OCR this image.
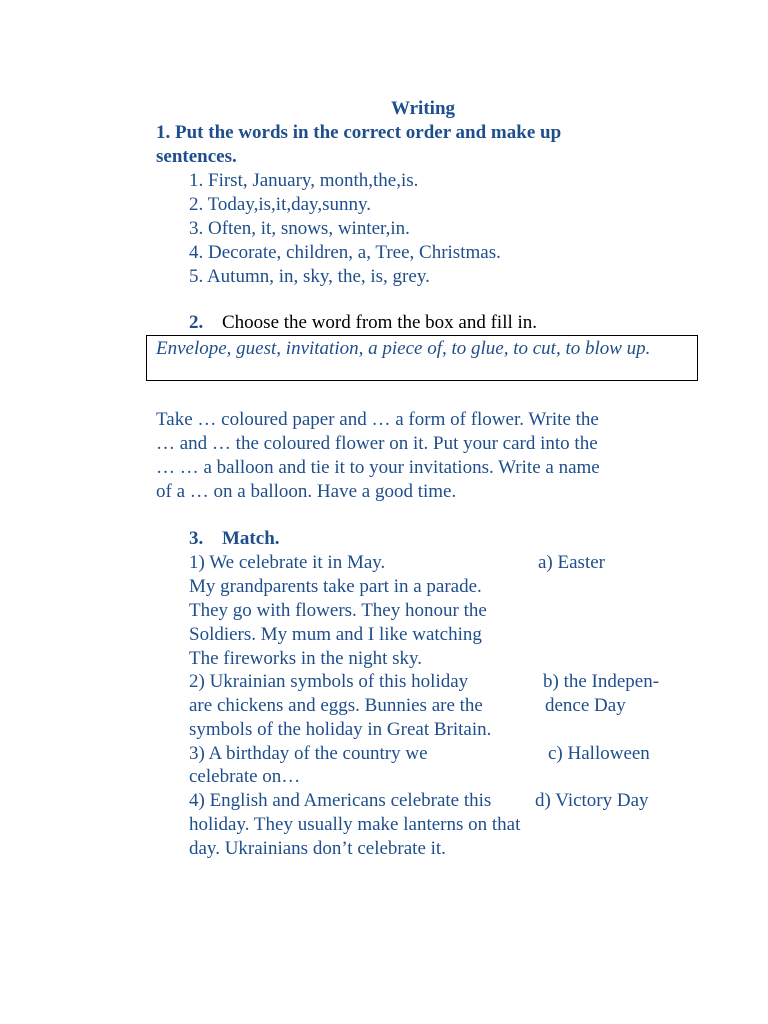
Writing
1. Put the words in the correct order and make up
sentences.
1. First, January, month,the,is.
2. Today,is,it,day,sunny.
3. Often, it, snows, winter,in.
4. Decorate, children, a, Tree, Christmas.
5. Autumn, in, sky, the, is, grey.
2. Choose the word from the box and fill in.
Envelope, guest, invitation, a piece of, to glue, to cut, to blow up.
Take … coloured paper and … a form of flower. Write the
… and … the coloured flower on it. Put your card into the
… … a balloon and tie it to your invitations. Write a name
of a … on a balloon. Have a good time.
3. Match.
1) We celebrate it in May.
My grandparents take part in a parade.
They go with flowers. They honour the
Soldiers. My mum and I like watching
The fireworks in the night sky.
2) Ukrainian symbols of this holiday
are chickens and eggs. Bunnies are the
symbols of the holiday in Great Britain.
3) A birthday of the country we
celebrate on…
4) English and Americans celebrate this
holiday. They usually make lanterns on that
day. Ukrainians don’t celebrate it.
a) Easter
b) the Indepen-
dence Day
c) Halloween
d) Victory Day
